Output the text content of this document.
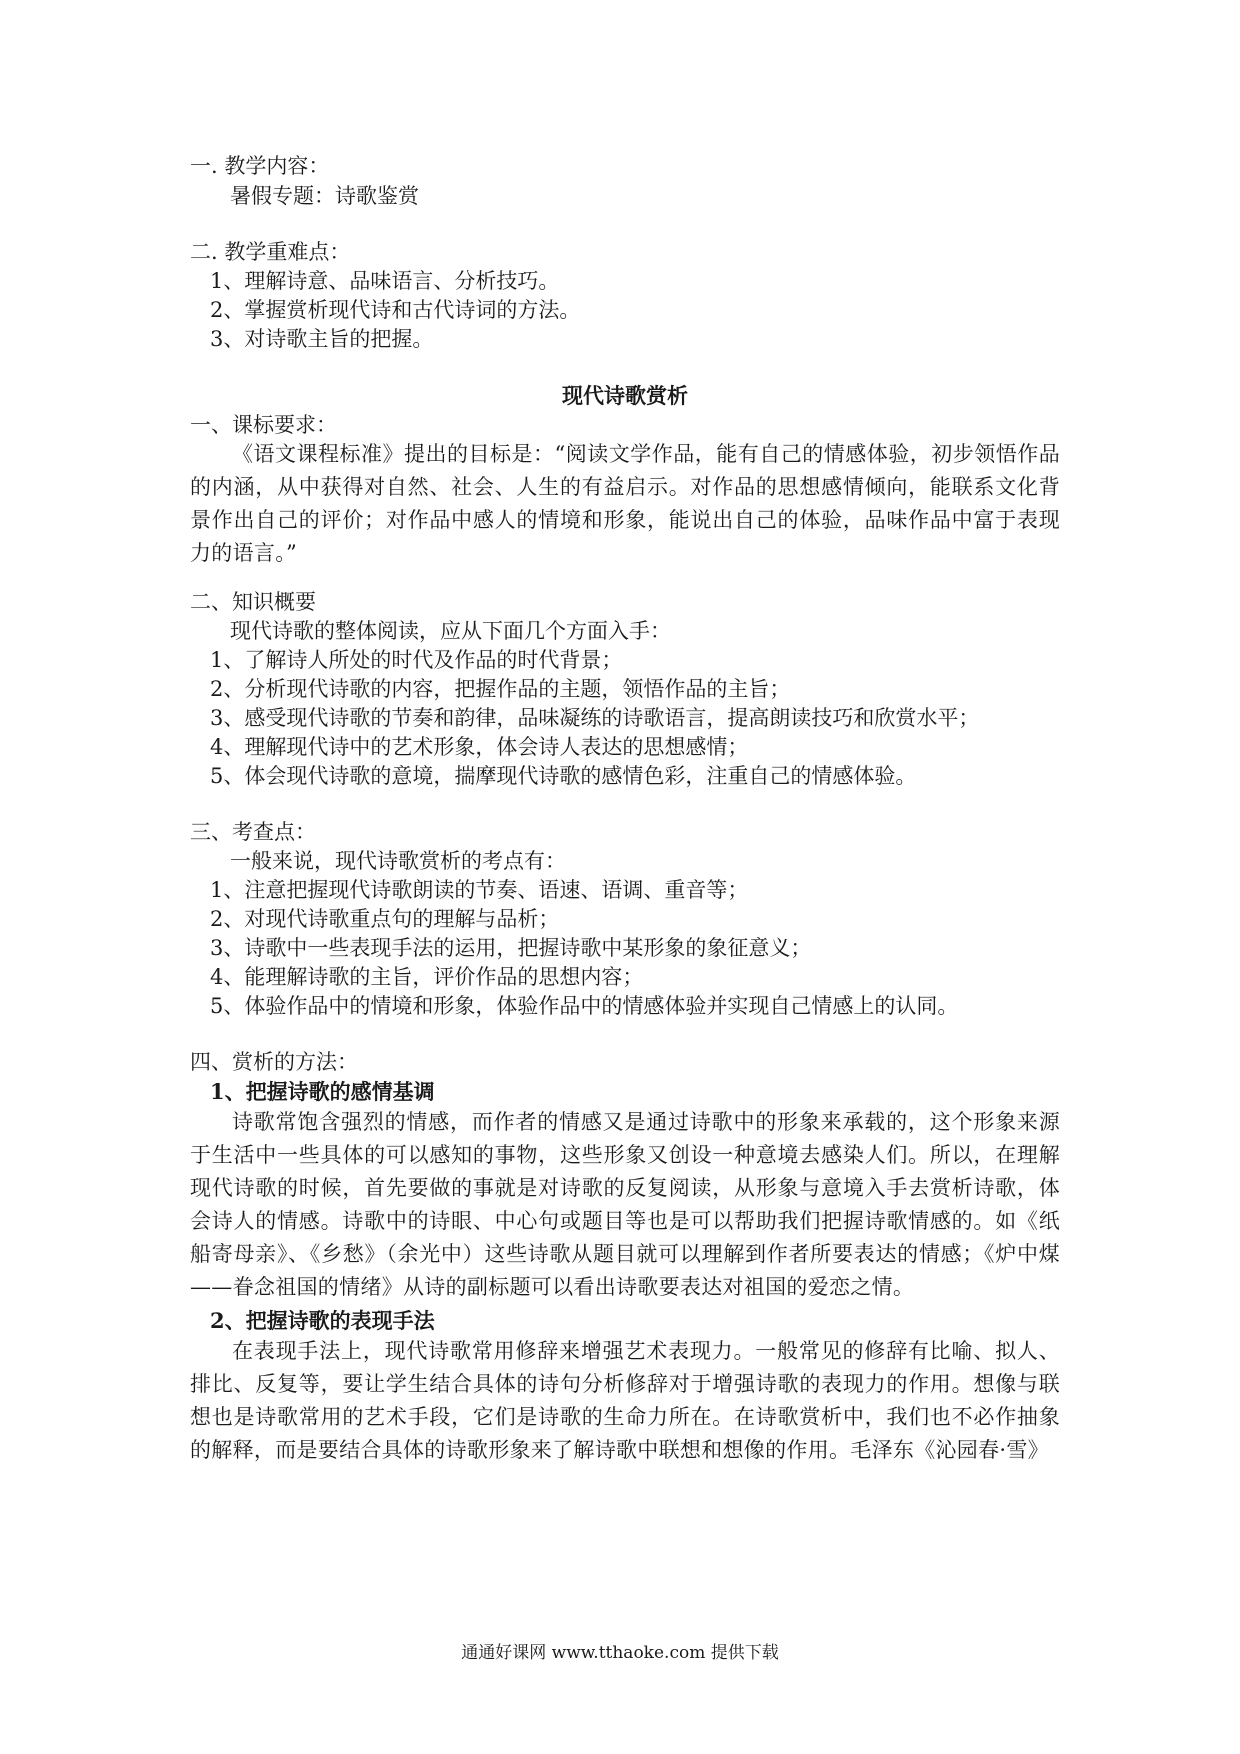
一. 教学内容：

暑假专题：诗歌鉴赏

二. 教学重难点：

1、理解诗意、品味语言、分析技巧。

2、掌握赏析现代诗和古代诗词的方法。

3、对诗歌主旨的把握。

现代诗歌赏析

一、课标要求：

《语文课程标准》提出的目标是：“阅读文学作品，能有自己的情感体验，初步领悟作品的内涵，从中获得对自然、社会、人生的有益启示。对作品的思想感情倾向，能联系文化背景作出自己的评价；对作品中感人的情境和形象，能说出自己的体验，品味作品中富于表现力的语言。”

二、知识概要

现代诗歌的整体阅读，应从下面几个方面入手：

1、了解诗人所处的时代及作品的时代背景；

2、分析现代诗歌的内容，把握作品的主题，领悟作品的主旨；

3、感受现代诗歌的节奏和韵律，品味凝练的诗歌语言，提高朗读技巧和欣赏水平；

4、理解现代诗中的艺术形象，体会诗人表达的思想感情；

5、体会现代诗歌的意境，揣摩现代诗歌的感情色彩，注重自己的情感体验。

三、考查点：

一般来说，现代诗歌赏析的考点有：

1、注意把握现代诗歌朗读的节奏、语速、语调、重音等；

2、对现代诗歌重点句的理解与品析；

3、诗歌中一些表现手法的运用，把握诗歌中某形象的象征意义；

4、能理解诗歌的主旨，评价作品的思想内容；

5、体验作品中的情境和形象，体验作品中的情感体验并实现自己情感上的认同。

四、赏析的方法：

1、把握诗歌的感情基调

诗歌常饱含强烈的情感，而作者的情感又是通过诗歌中的形象来承载的，这个形象来源于生活中一些具体的可以感知的事物，这些形象又创设一种意境去感染人们。所以，在理解现代诗歌的时候，首先要做的事就是对诗歌的反复阅读，从形象与意境入手去赏析诗歌，体会诗人的情感。诗歌中的诗眼、中心句或题目等也是可以帮助我们把握诗歌情感的。如《纸船寄母亲》、《乡愁》（余光中）这些诗歌从题目就可以理解到作者所要表达的情感；《炉中煤——眷念祖国的情绪》从诗的副标题可以看出诗歌要表达对祖国的爱恋之情。

2、把握诗歌的表现手法

在表现手法上，现代诗歌常用修辞来增强艺术表现力。一般常见的修辞有比喻、拟人、排比、反复等，要让学生结合具体的诗句分析修辞对于增强诗歌的表现力的作用。想像与联想也是诗歌常用的艺术手段，它们是诗歌的生命力所在。在诗歌赏析中，我们也不必作抽象的解释，而是要结合具体的诗歌形象来了解诗歌中联想和想像的作用。毛泽东《沁园春·雪》

通通好课网 www.tthaoke.com 提供下载
